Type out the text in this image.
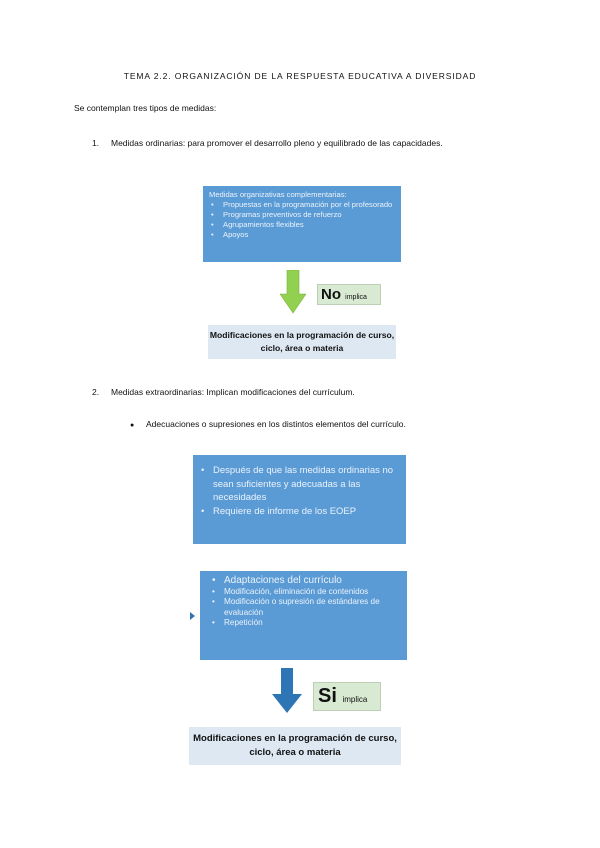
TEMA 2.2. ORGANIZACIÓN DE LA RESPUESTA EDUCATIVA A DIVERSIDAD
Se contemplan tres tipos de medidas:
1. Medidas ordinarias: para promover el desarrollo pleno y equilibrado de las capacidades.
Medidas organizativas complementarias:
• Propuestas en la programación por el profesorado
• Programas preventivos de refuerzo
• Agrupamientos flexibles
• Apoyos
No implica
Modificaciones en la programación de curso, ciclo, área o materia
2. Medidas extraordinarias: Implican modificaciones del currículum.
● Adecuaciones o supresiones en los distintos elementos del currículo.
• Después de que las medidas ordinarias no sean suficientes y adecuadas a las necesidades
• Requiere de informe de los EOEP
• Adaptaciones del currículo
• Modificación, eliminación de contenidos
• Modificación o supresión de estándares de evaluación
• Repetición
Si implica
Modificaciones en la programación de curso, ciclo, área o materia
